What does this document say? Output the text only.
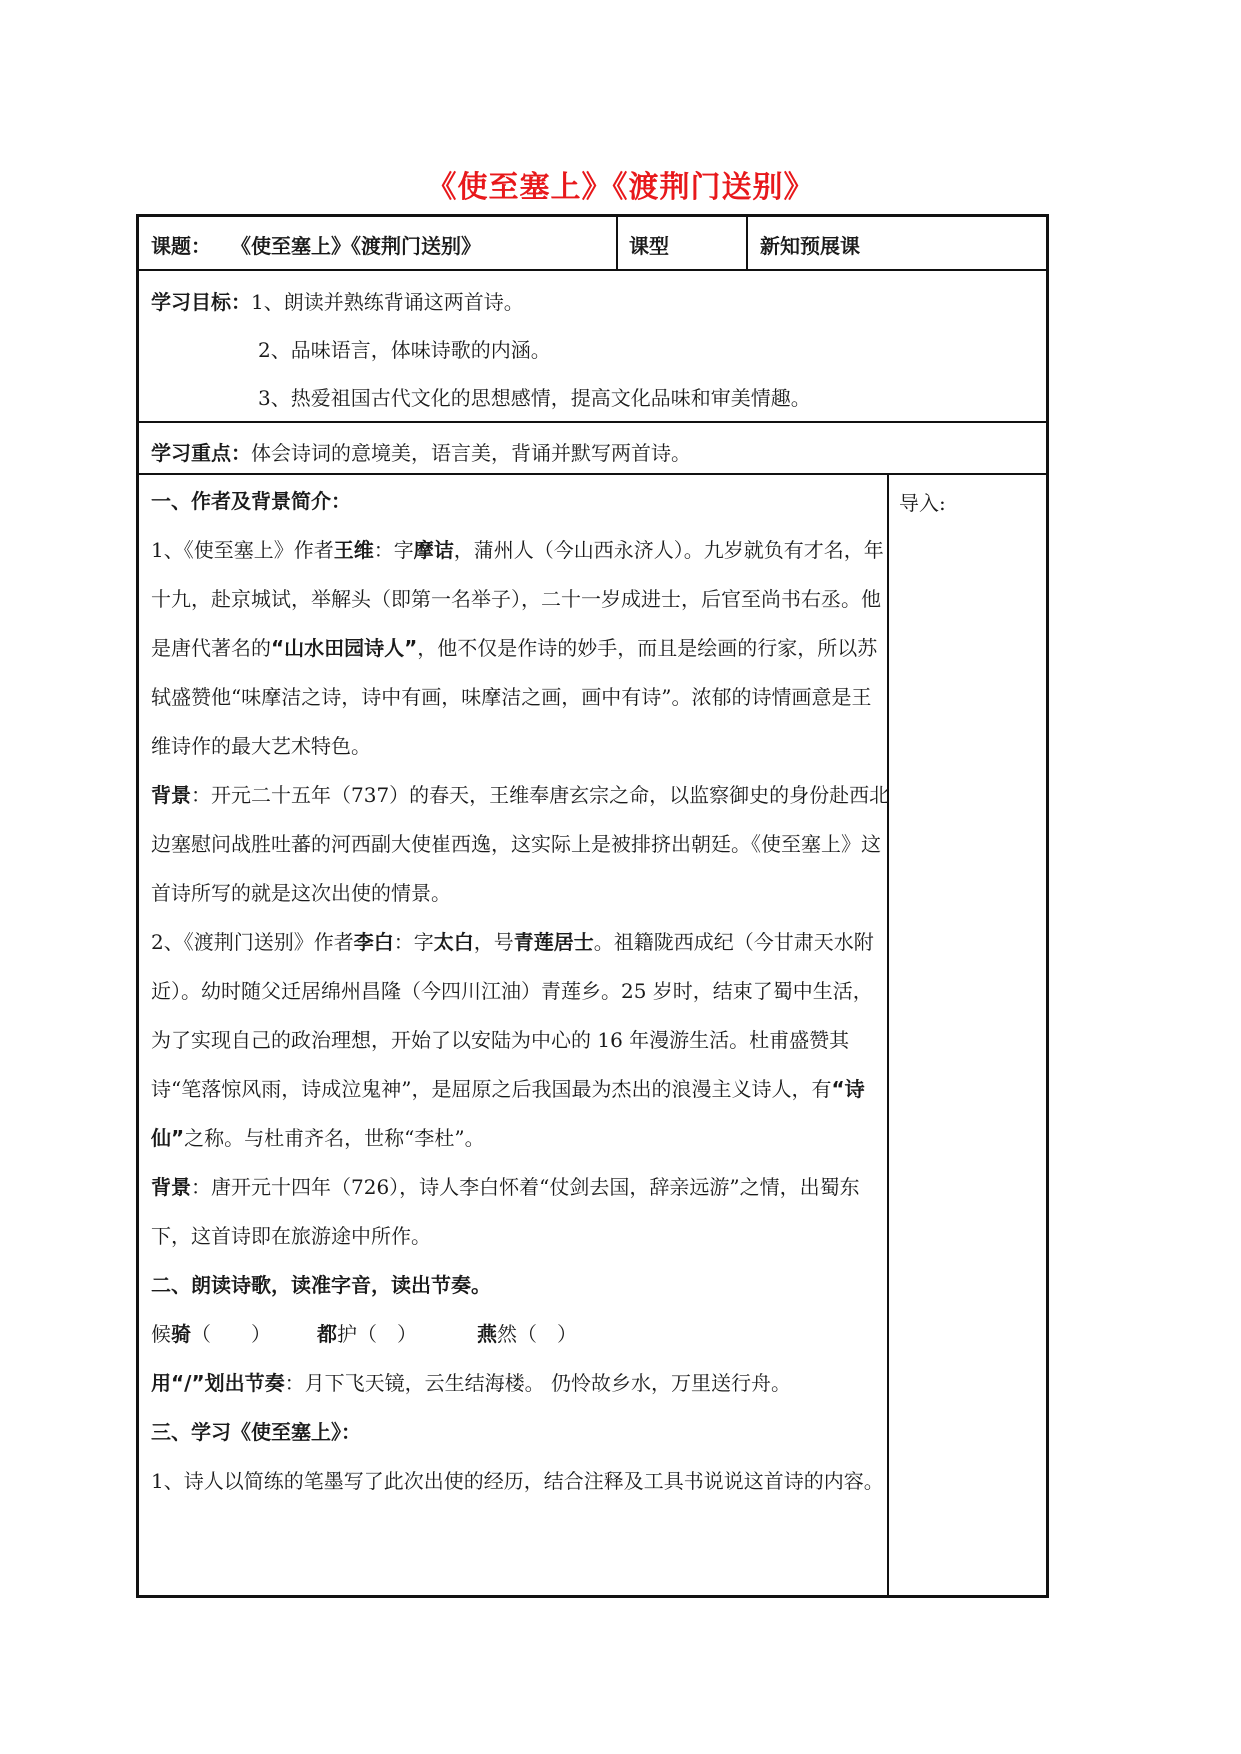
《使至塞上》《渡荆门送别》
课题： 《使至塞上》《渡荆门送别》	课型	新知预展课
学习目标：1、朗读并熟练背诵这两首诗。
2、品味语言，体味诗歌的内涵。
3、热爱祖国古代文化的思想感情，提高文化品味和审美情趣。
学习重点：体会诗词的意境美，语言美，背诵并默写两首诗。
导入:
一、作者及背景简介：
1、《使至塞上》作者王维：字摩诘，蒲州人（今山西永济人）。九岁就负有才名，年十九，赴京城试，举解头（即第一名举子），二十一岁成进士，后官至尚书右丞。他是唐代著名的“山水田园诗人”，他不仅是作诗的妙手，而且是绘画的行家，所以苏轼盛赞他“味摩洁之诗，诗中有画，味摩洁之画，画中有诗”。浓郁的诗情画意是王维诗作的最大艺术特色。
背景：开元二十五年（737）的春天，王维奉唐玄宗之命，以监察御史的身份赴西北边塞慰问战胜吐蕃的河西副大使崔西逸，这实际上是被排挤出朝廷。《使至塞上》这首诗所写的就是这次出使的情景。
2、《渡荆门送别》作者李白：字太白，号青莲居士。祖籍陇西成纪（今甘肃天水附近）。幼时随父迁居绵州昌隆（今四川江油）青莲乡。25 岁时，结束了蜀中生活，为了实现自己的政治理想，开始了以安陆为中心的 16 年漫游生活。杜甫盛赞其诗“笔落惊风雨，诗成泣鬼神”，是屈原之后我国最为杰出的浪漫主义诗人，有“诗仙”之称。与杜甫齐名，世称“李杜”。
背景：唐开元十四年（726），诗人李白怀着“仗剑去国，辞亲远游”之情，出蜀东下，这首诗即在旅游途中所作。
二、朗读诗歌，读准字音，读出节奏。
候骑（　　） 都护（　）	燕然（　）
用“/”划出节奏：月下飞天镜，云生结海楼。 仍怜故乡水，万里送行舟。
三、学习《使至塞上》：
1、诗人以简练的笔墨写了此次出使的经历，结合注释及工具书说说这首诗的内容。
